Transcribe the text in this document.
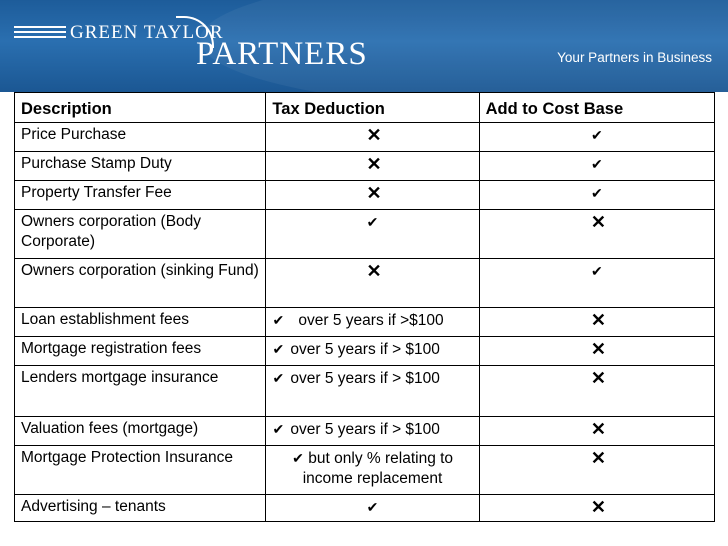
GREEN TAYLOR
PARTNERS	Your Partners in Business
Description	Tax Deduction	Add to Cost Base
Price Purchase	✕	✔
Purchase Stamp Duty	✕	✔
Property Transfer Fee	✕	✔
Owners corporation (Body Corporate)	✔	✕
Owners corporation (sinking Fund)	✕	✔
Loan establishment fees	✔ over 5 years if >$100	✕
Mortgage registration fees	✔ over 5 years if > $100	✕
Lenders mortgage insurance	✔ over 5 years if > $100	✕
Valuation fees (mortgage)	✔ over 5 years if > $100	✕
Mortgage Protection Insurance	✔ but only % relating to income replacement	✕
Advertising – tenants	✔	✕
